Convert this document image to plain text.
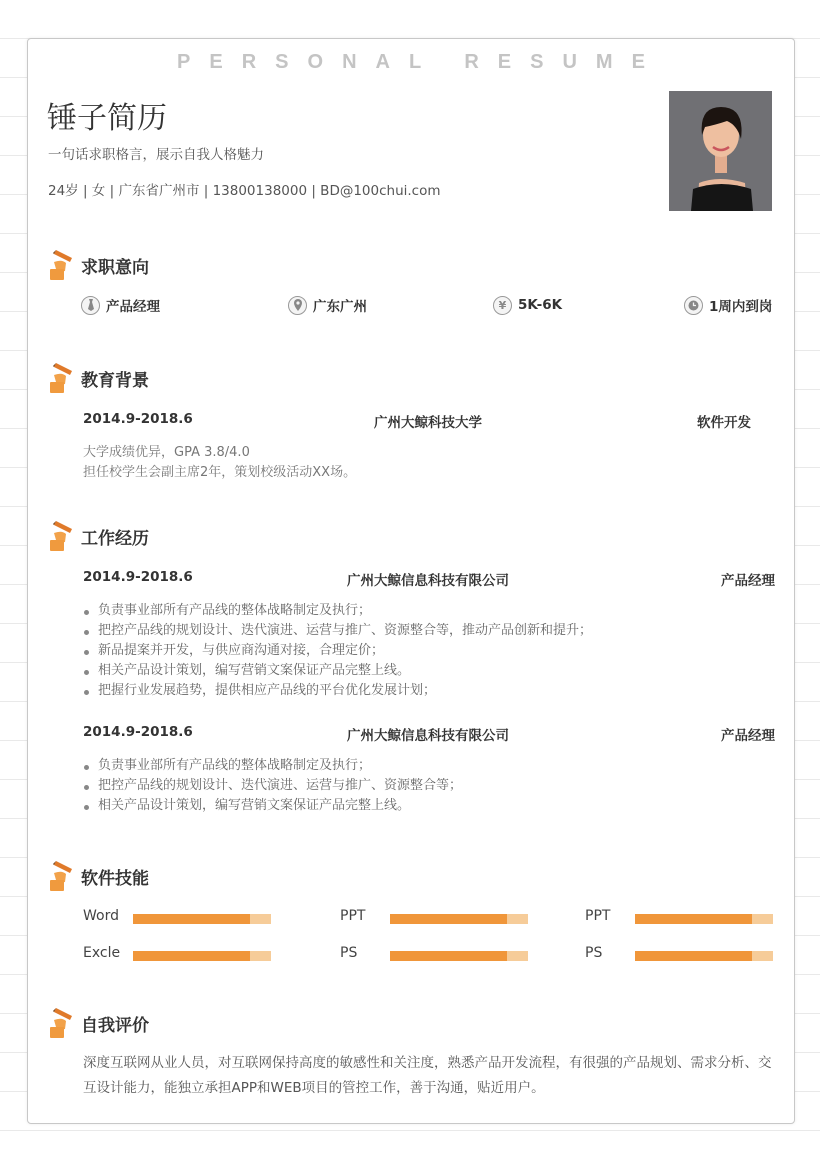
PERSONAL RESUME
锤子简历
一句话求职格言，展示自我人格魅力
24岁 | 女 | 广东省广州市 | 13800138000 | BD@100chui.com
求职意向
产品经理	广东广州	¥ 5K-6K	1周内到岗
教育背景
2014.9-2018.6	广州大鲸科技大学	软件开发
大学成绩优异，GPA 3.8/4.0
担任校学生会副主席2年，策划校级活动XX场。
工作经历
2014.9-2018.6	广州大鲸信息科技有限公司	产品经理
负责事业部所有产品线的整体战略制定及执行；
把控产品线的规划设计、迭代演进、运营与推广、资源整合等，推动产品创新和提升；
新品提案并开发，与供应商沟通对接，合理定价；
相关产品设计策划，编写营销文案保证产品完整上线。
把握行业发展趋势，提供相应产品线的平台优化发展计划；
2014.9-2018.6	广州大鲸信息科技有限公司	产品经理
负责事业部所有产品线的整体战略制定及执行；
把控产品线的规划设计、迭代演进、运营与推广、资源整合等；
相关产品设计策划，编写营销文案保证产品完整上线。
软件技能
Word	PPT	PPT
Excle	PS	PS
自我评价
深度互联网从业人员，对互联网保持高度的敏感性和关注度，熟悉产品开发流程，有很强的产品规划、需求分析、交互设计能力，能独立承担APP和WEB项目的管控工作，善于沟通，贴近用户。
